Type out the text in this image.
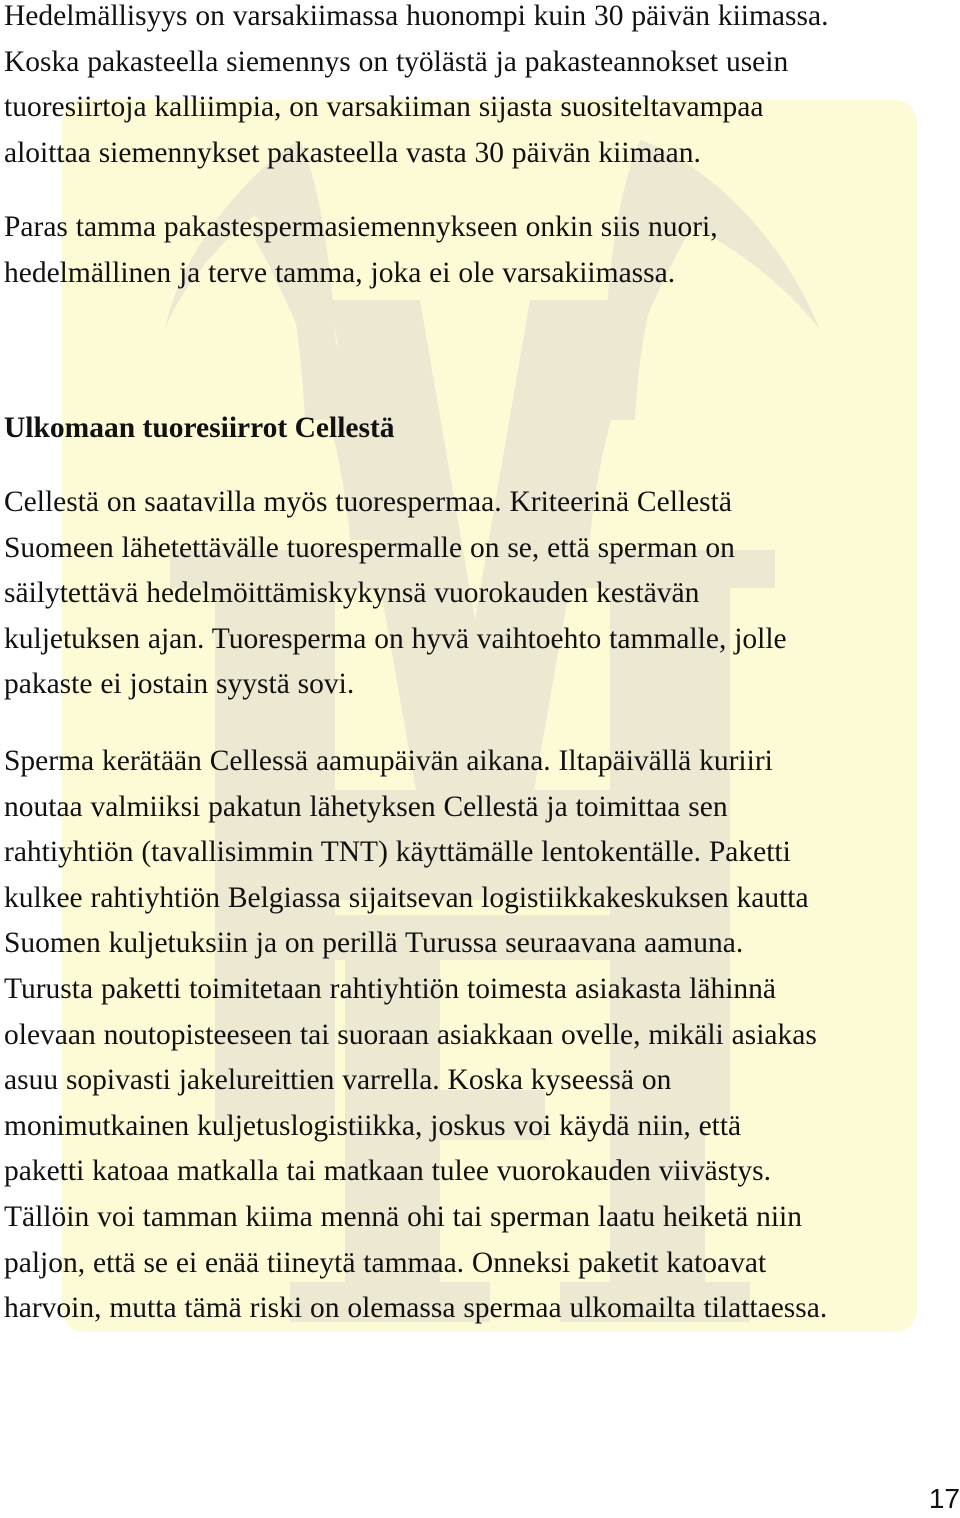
Hedelmällisyys on varsakiimassa huonompi kuin 30 päivän kiimassa.
Koska pakasteella siemennys on työlästä ja pakasteannokset usein
tuoresiirtoja kalliimpia, on varsakiiman sijasta suositeltavampaa
aloittaa siemennykset pakasteella vasta 30 päivän kiimaan.

Paras tamma pakastespermasiemennykseen onkin siis nuori,
hedelmällinen ja terve tamma, joka ei ole varsakiimassa.

Ulkomaan tuoresiirrot Cellestä

Cellestä on saatavilla myös tuorespermaa. Kriteerinä Cellestä
Suomeen lähetettävälle tuorespermalle on se, että sperman on
säilytettävä hedelmöittämiskykynsä vuorokauden kestävän
kuljetuksen ajan. Tuoresperma on hyvä vaihtoehto tammalle, jolle
pakaste ei jostain syystä sovi.

Sperma kerätään Cellessä aamupäivän aikana. Iltapäivällä kuriiri
noutaa valmiiksi pakatun lähetyksen Cellestä ja toimittaa sen
rahtiyhtiön (tavallisimmin TNT) käyttämälle lentokentälle. Paketti
kulkee rahtiyhtiön Belgiassa sijaitsevan logistiikkakeskuksen kautta
Suomen kuljetuksiin ja on perillä Turussa seuraavana aamuna.
Turusta paketti toimitetaan rahtiyhtiön toimesta asiakasta lähinnä
olevaan noutopisteeseen tai suoraan asiakkaan ovelle, mikäli asiakas
asuu sopivasti jakelureittien varrella. Koska kyseessä on
monimutkainen kuljetuslogistiikka, joskus voi käydä niin, että
paketti katoaa matkalla tai matkaan tulee vuorokauden viivästys.
Tällöin voi tamman kiima mennä ohi tai sperman laatu heiketä niin
paljon, että se ei enää tiineytä tammaa. Onneksi paketit katoavat
harvoin, mutta tämä riski on olemassa spermaa ulkomailta tilattaessa.

17
